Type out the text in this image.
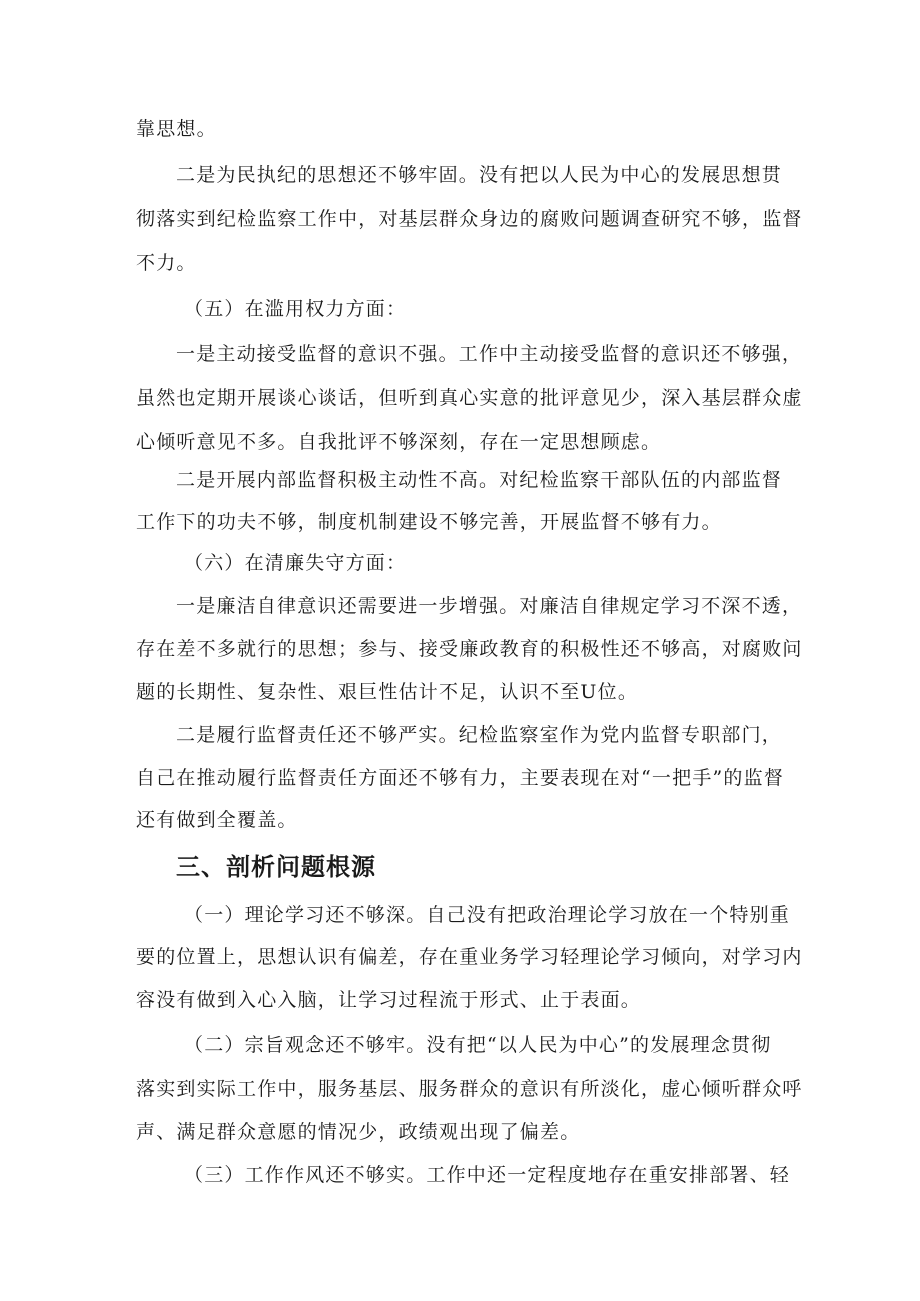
靠思想。
二是为民执纪的思想还不够牢固。没有把以人民为中心的发展思想贯
彻落实到纪检监察工作中，对基层群众身边的腐败问题调查研究不够，监督
不力。
（五）在滥用权力方面：
一是主动接受监督的意识不强。工作中主动接受监督的意识还不够强，
虽然也定期开展谈心谈话，但听到真心实意的批评意见少，深入基层群众虚
心倾听意见不多。自我批评不够深刻，存在一定思想顾虑。
二是开展内部监督积极主动性不高。对纪检监察干部队伍的内部监督
工作下的功夫不够，制度机制建设不够完善，开展监督不够有力。
（六）在清廉失守方面：
一是廉洁自律意识还需要进一步增强。对廉洁自律规定学习不深不透，
存在差不多就行的思想；参与、接受廉政教育的积极性还不够高，对腐败问
题的长期性、复杂性、艰巨性估计不足，认识不至U位。
二是履行监督责任还不够严实。纪检监察室作为党内监督专职部门，
自己在推动履行监督责任方面还不够有力，主要表现在对“一把手”的监督
还有做到全覆盖。
三、剖析问题根源
（一）理论学习还不够深。自己没有把政治理论学习放在一个特别重
要的位置上，思想认识有偏差，存在重业务学习轻理论学习倾向，对学习内
容没有做到入心入脑，让学习过程流于形式、止于表面。
（二）宗旨观念还不够牢。没有把“以人民为中心”的发展理念贯彻
落实到实际工作中，服务基层、服务群众的意识有所淡化，虚心倾听群众呼
声、满足群众意愿的情况少，政绩观出现了偏差。
（三）工作作风还不够实。工作中还一定程度地存在重安排部署、轻
